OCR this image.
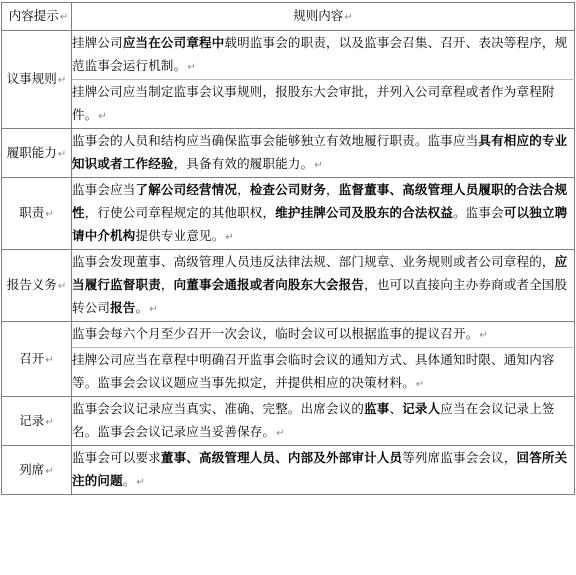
内容提示↵	规则内容↵
议事规则↵	挂牌公司应当在公司章程中载明监事会的职责，以及监事会召集、召开、表决等程序，规范监事会运行机制。↵
	挂牌公司应当制定监事会议事规则，报股东大会审批，并列入公司章程或者作为章程附件。↵
履职能力↵	监事会的人员和结构应当确保监事会能够独立有效地履行职责。监事应当具有相应的专业知识或者工作经验，具备有效的履职能力。↵
职责↵	监事会应当了解公司经营情况，检查公司财务，监督董事、高级管理人员履职的合法合规性，行使公司章程规定的其他职权，维护挂牌公司及股东的合法权益。监事会可以独立聘请中介机构提供专业意见。↵
报告义务↵	监事会发现董事、高级管理人员违反法律法规、部门规章、业务规则或者公司章程的，应当履行监督职责，向董事会通报或者向股东大会报告，也可以直接向主办券商或者全国股转公司报告。↵
召开↵	监事会每六个月至少召开一次会议，临时会议可以根据监事的提议召开。↵
	挂牌公司应当在章程中明确召开监事会临时会议的通知方式、具体通知时限、通知内容等。监事会会议议题应当事先拟定，并提供相应的决策材料。↵
记录↵	监事会会议记录应当真实、准确、完整。出席会议的监事、记录人应当在会议记录上签名。监事会会议记录应当妥善保存。↵
列席↵	监事会可以要求董事、高级管理人员、内部及外部审计人员等列席监事会会议，回答所关注的问题。↵
